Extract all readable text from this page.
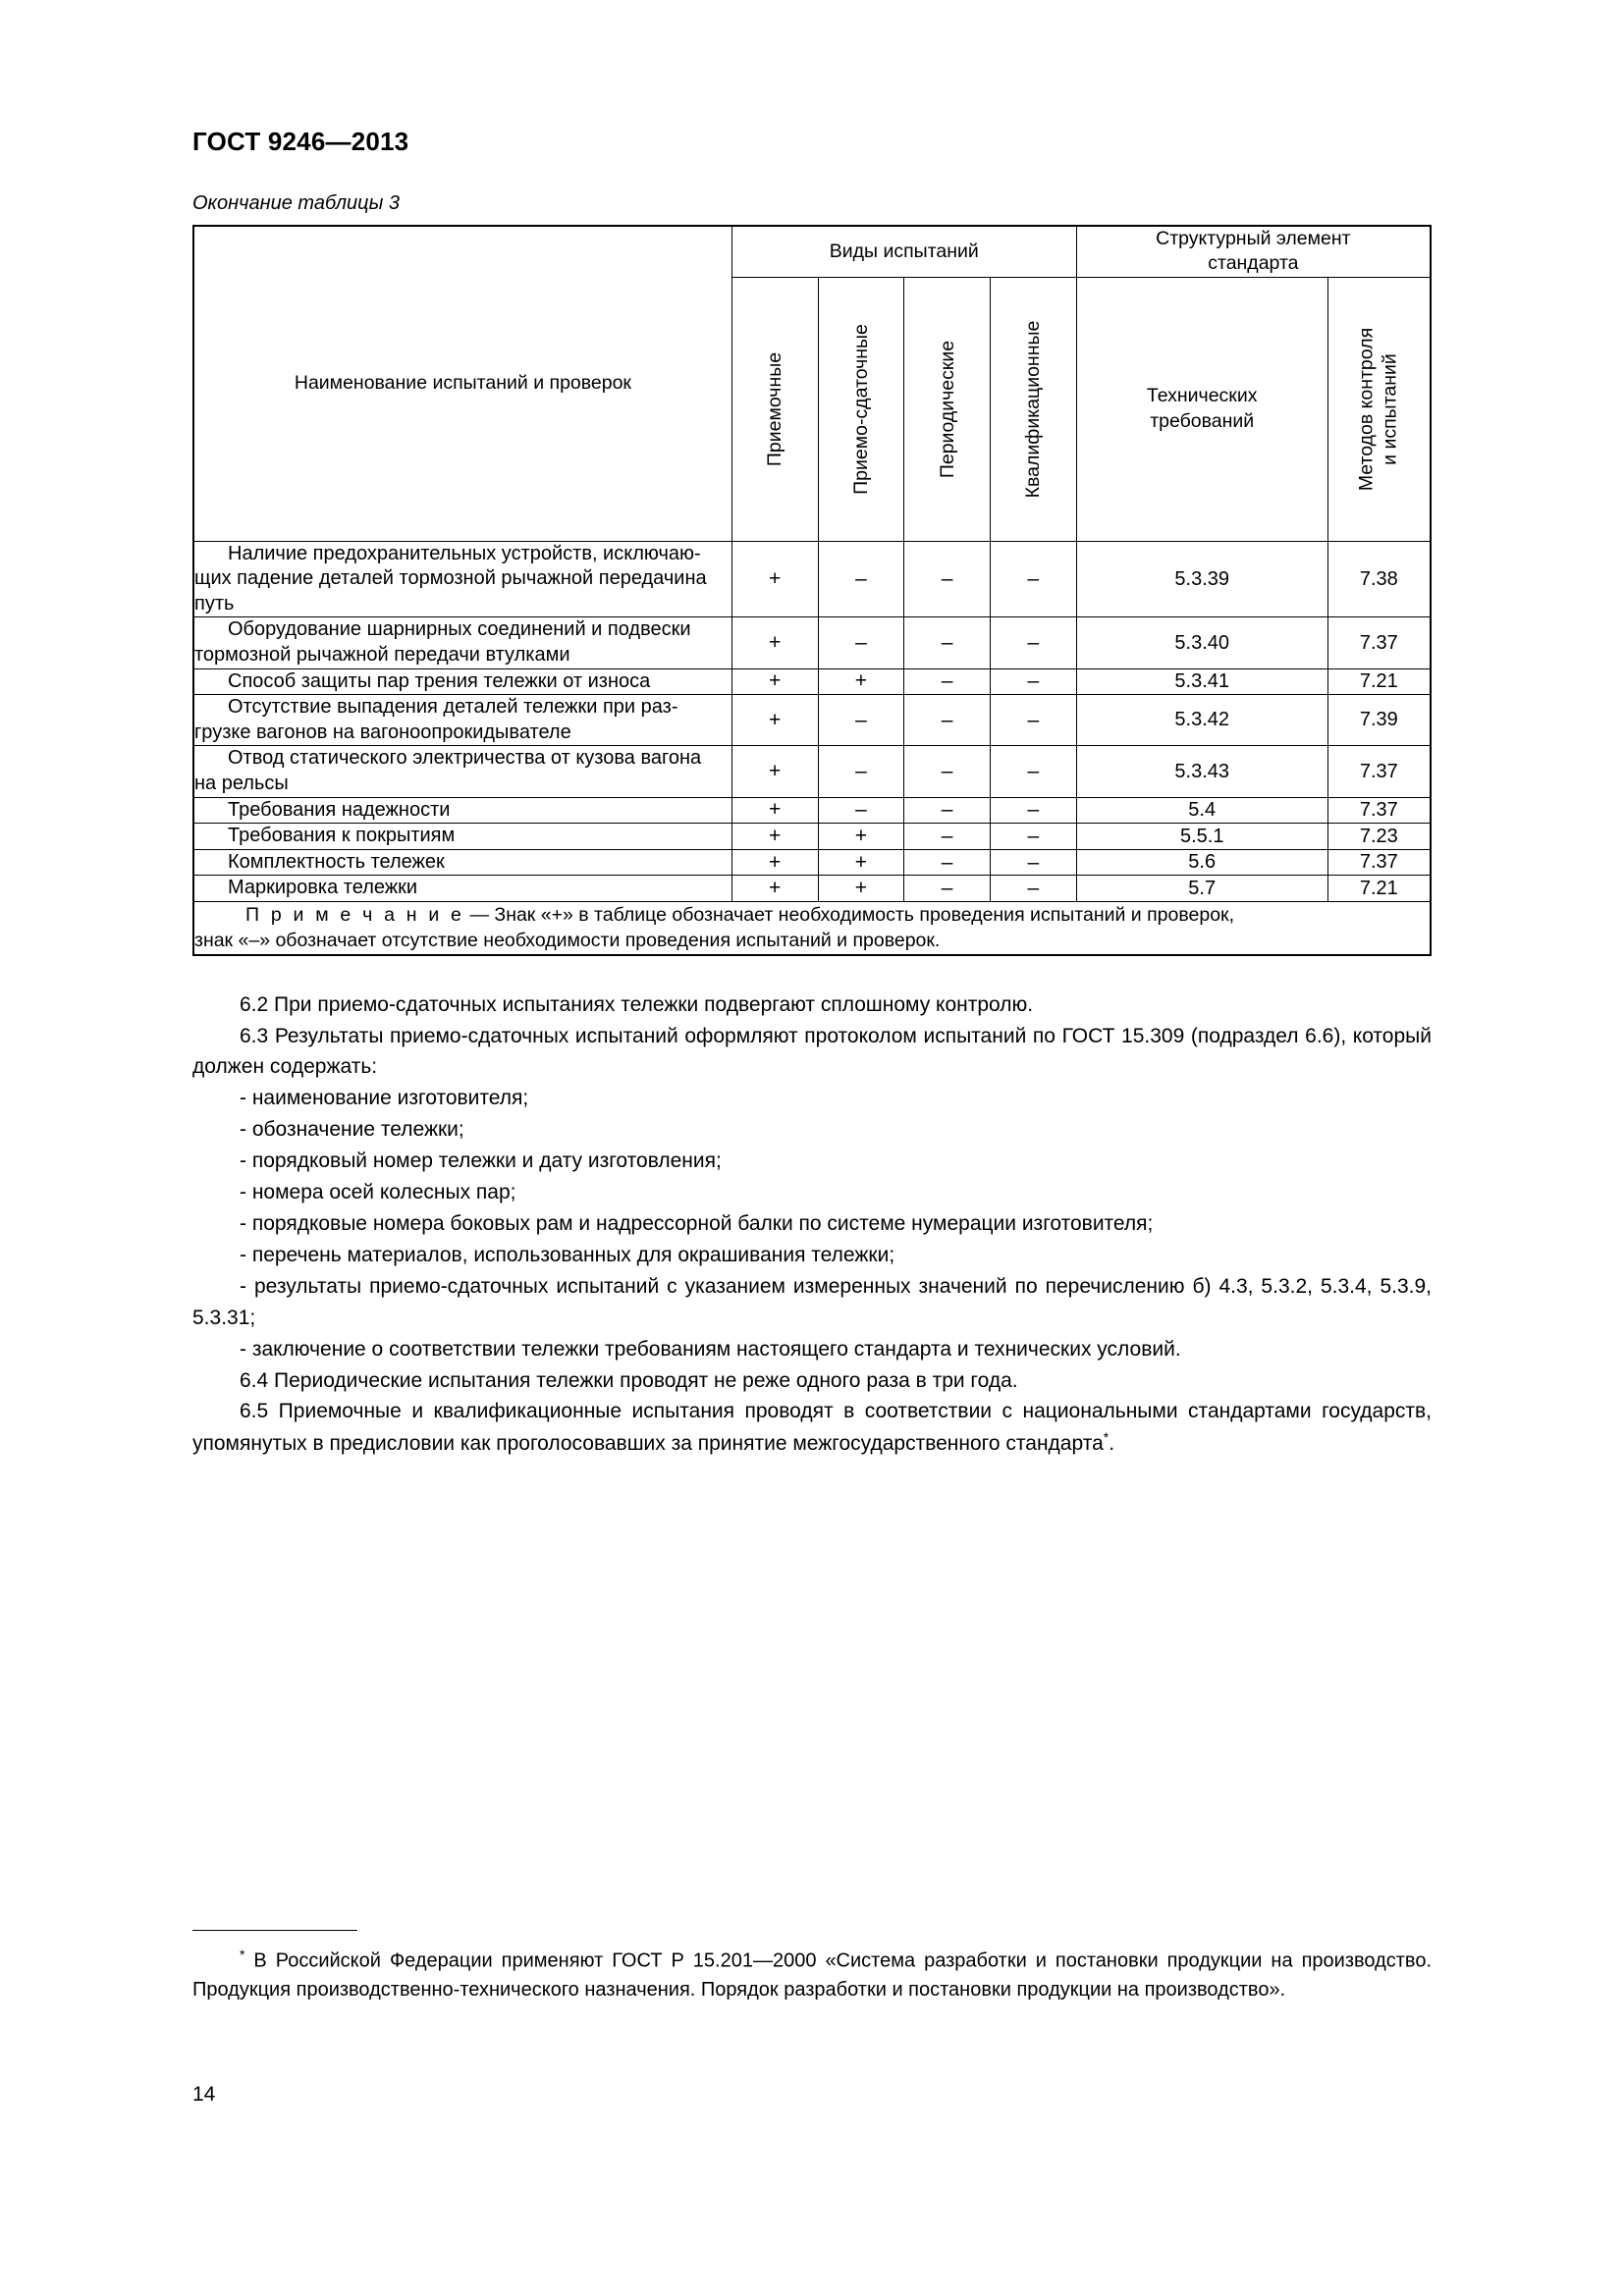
ГОСТ 9246—2013
Окончание таблицы 3
Наименование испытаний и проверок	Виды испытаний				Структурный элемент
стандарта	

	Приемочные	Приемо-сдаточные	Периодические	Квалификационные	Технических
требований	Методов контроля и испытаний

Наличие предохранительных устройств, исключаю-
щих падение деталей тормозной рычажной передачина путь	+	–	–	–	5.3.39	7.38

Оборудование шарнирных соединений и подвески
тормозной рычажной передачи втулками	+	–	–	–	5.3.40	7.37

Способ защиты пар трения тележки от износа	+	+	–	–	5.3.41	7.21

Отсутствие выпадения деталей тележки при раз-
грузке вагонов на вагоноопрокидывателе	+	–	–	–	5.3.42	7.39

Отвод статического электричества от кузова вагона
на рельсы	+	–	–	–	5.3.43	7.37

Требования надежности	+	–	–	–	5.4	7.37

Требования к покрытиям	+	+	–	–	5.5.1	7.23

Комплектность тележек	+	+	–	–	5.6	7.37

Маркировка тележки	+	+	–	–	5.7	7.21

П р и м е ч а н и е — Знак «+» в таблице обозначает необходимость проведения испытаний и проверок,
знак «–» обозначает отсутствие необходимости проведения испытаний и проверок.						

6.2 При приемо-сдаточных испытаниях тележки подвергают сплошному контролю.

6.3 Результаты приемо-сдаточных испытаний оформляют протоколом испытаний по ГОСТ 15.309 (подраздел 6.6), который должен содержать:

- наименование изготовителя;

- обозначение тележки;

- порядковый номер тележки и дату изготовления;

- номера осей колесных пар;

- порядковые номера боковых рам и надрессорной балки по системе нумерации изготовителя;

- перечень материалов, использованных для окрашивания тележки;

- результаты приемо-сдаточных испытаний с указанием измеренных значений по перечислению б) 4.3, 5.3.2, 5.3.4, 5.3.9, 5.3.31;

- заключение о соответствии тележки требованиям настоящего стандарта и технических условий.

6.4 Периодические испытания тележки проводят не реже одного раза в три года.

6.5 Приемочные и квалификационные испытания проводят в соответствии с национальными стандартами государств, упомянутых в предисловии как проголосовавших за принятие межгосударственного стандарта*.

* В Российской Федерации применяют ГОСТ Р 15.201—2000 «Система разработки и постановки продукции на производство. Продукция производственно-технического назначения. Порядок разработки и постановки продукции на производство».

14
